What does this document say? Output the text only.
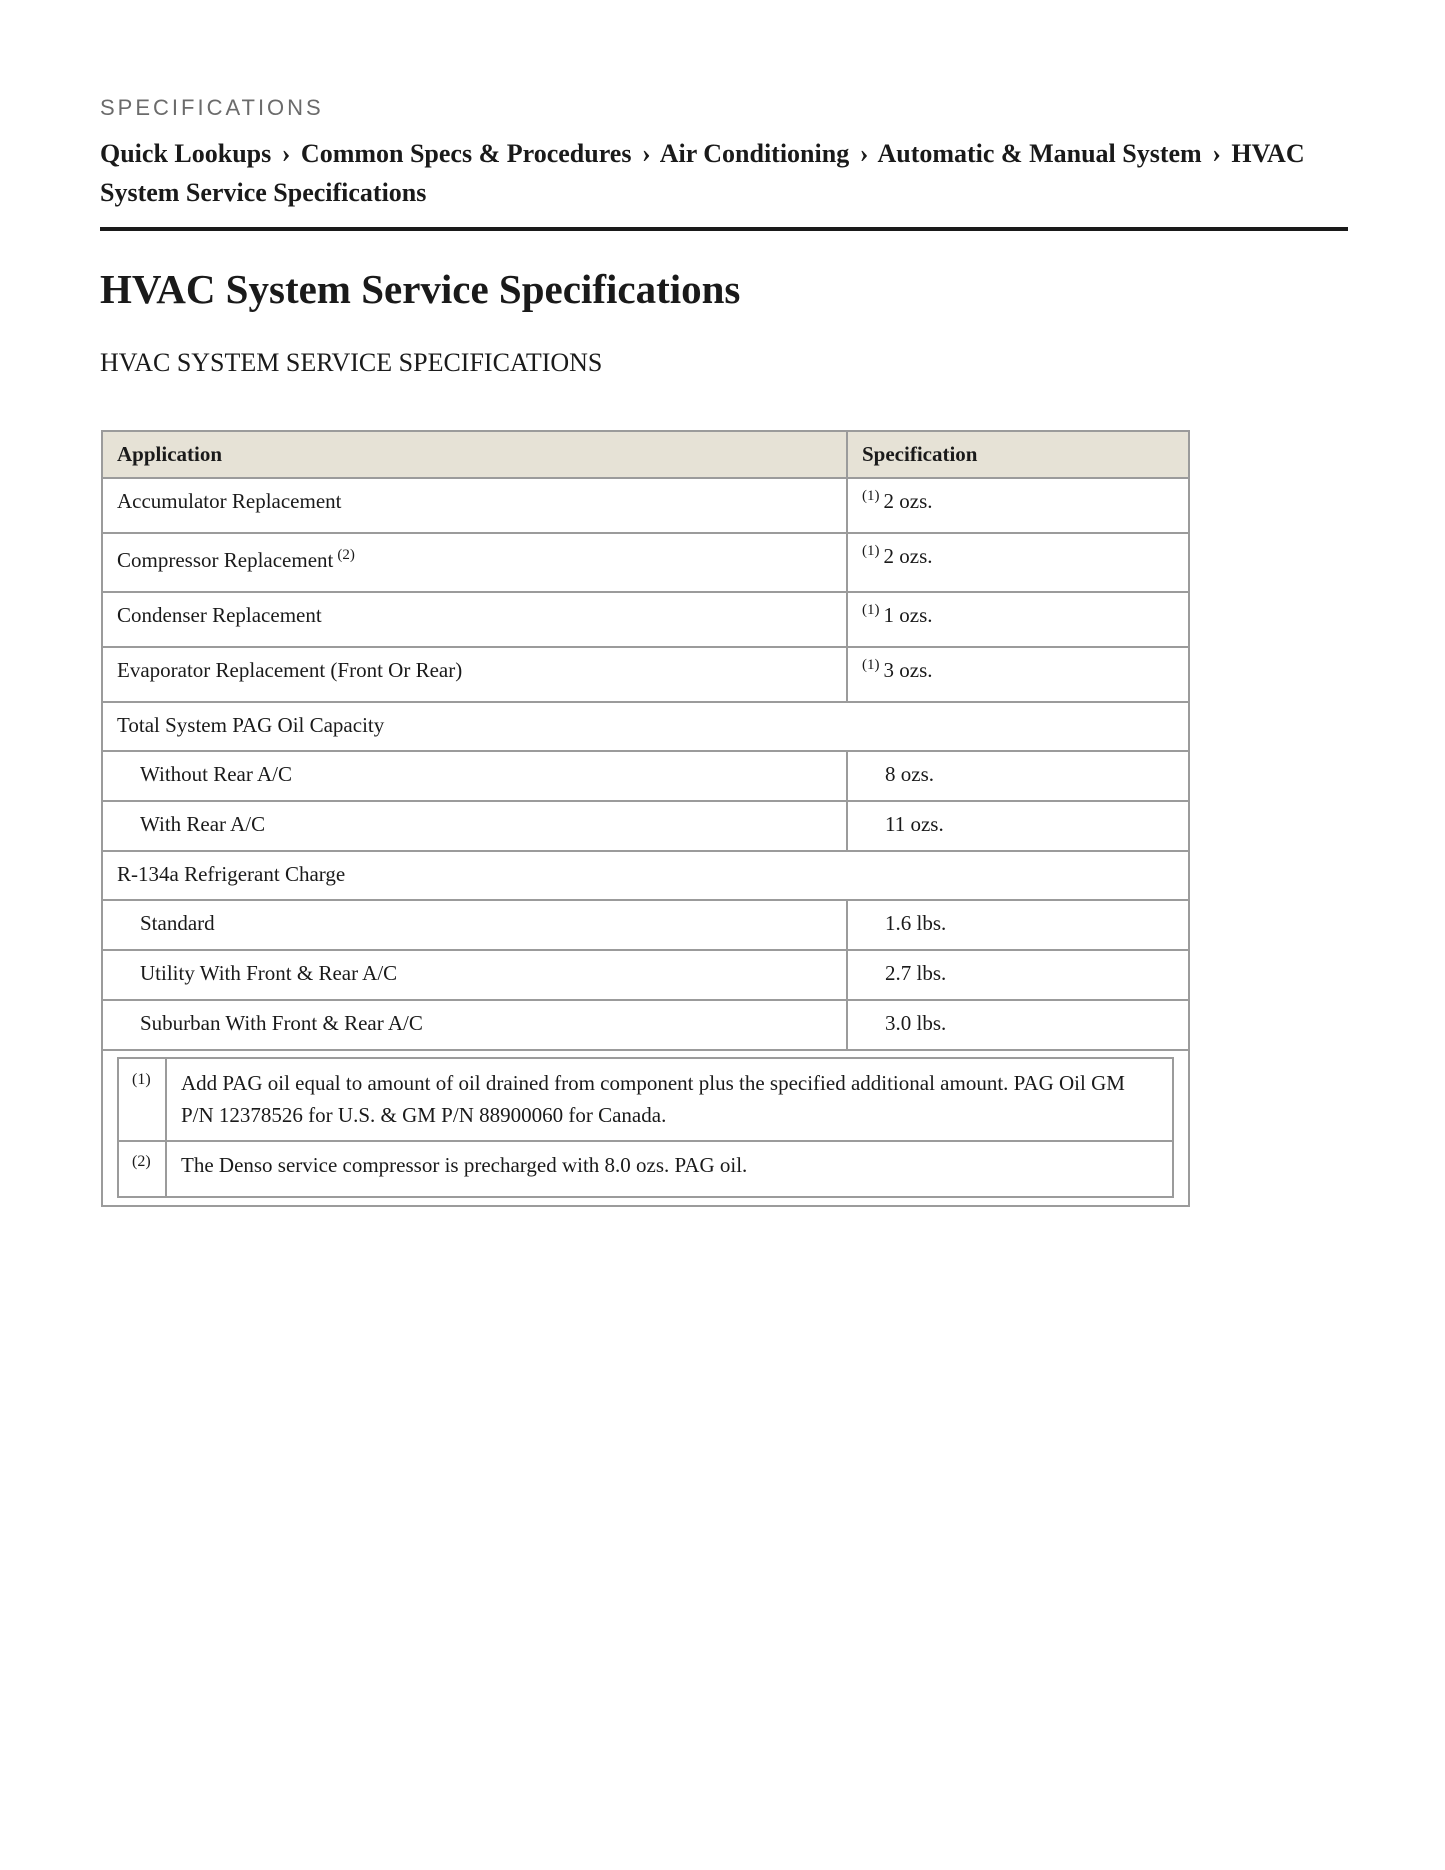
SPECIFICATIONS
Quick Lookups › Common Specs & Procedures › Air Conditioning › Automatic & Manual System › HVAC System Service Specifications
HVAC System Service Specifications
HVAC SYSTEM SERVICE SPECIFICATIONS
Application	Specification
Accumulator Replacement	$^{(1)}$ 2 ozs.
Compressor Replacement $^{(2)}$	$^{(1)}$ 2 ozs.
Condenser Replacement	$^{(1)}$ 1 ozs.
Evaporator Replacement (Front Or Rear)	$^{(1)}$ 3 ozs.
Total System PAG Oil Capacity
Without Rear A/C	8 ozs.
With Rear A/C	11 ozs.
R-134a Refrigerant Charge
Standard	1.6 lbs.
Utility With Front & Rear A/C	2.7 lbs.
Suburban With Front & Rear A/C	3.0 lbs.

(1)	Add PAG oil equal to amount of oil drained from component plus the specified additional amount. PAG Oil GM P/N 12378526 for U.S. & GM P/N 88900060 for Canada.
(2)	The Denso service compressor is precharged with 8.0 ozs. PAG oil.
